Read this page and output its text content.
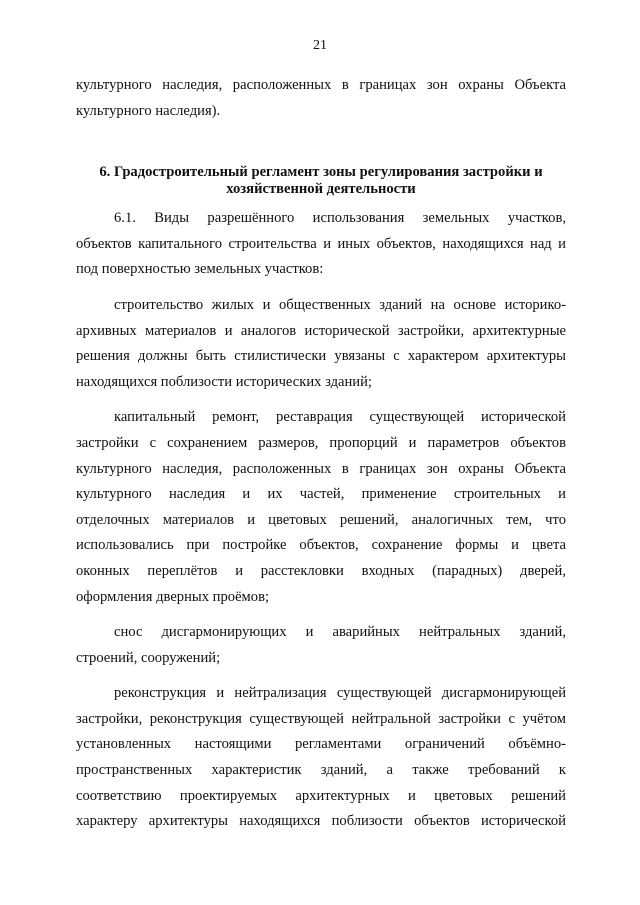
21
культурного наследия, расположенных в границах зон охраны Объекта
культурного наследия).
6. Градостроительный регламент зоны регулирования застройки и
хозяйственной деятельности
6.1. Виды разрешённого использования земельных участков,
объектов капитального строительства и иных объектов, находящихся над и
под поверхностью земельных участков:
строительство жилых и общественных зданий на основе историко-
архивных материалов и аналогов исторической застройки, архитектурные
решения должны быть стилистически увязаны с характером архитектуры
находящихся поблизости исторических зданий;
капитальный ремонт, реставрация существующей исторической
застройки с сохранением размеров, пропорций и параметров объектов
культурного наследия, расположенных в границах зон охраны Объекта
культурного наследия и их частей, применение строительных и
отделочных материалов и цветовых решений, аналогичных тем, что
использовались при постройке объектов, сохранение формы и цвета
оконных переплётов и расстекловки входных (парадных) дверей,
оформления дверных проёмов;
снос дисгармонирующих и аварийных нейтральных зданий,
строений, сооружений;
реконструкция и нейтрализация существующей дисгармонирующей
застройки, реконструкция существующей нейтральной застройки с учётом
установленных настоящими регламентами ограничений объёмно-
пространственных характеристик зданий, а также требований к
соответствию проектируемых архитектурных и цветовых решений
характеру архитектуры находящихся поблизости объектов исторической
